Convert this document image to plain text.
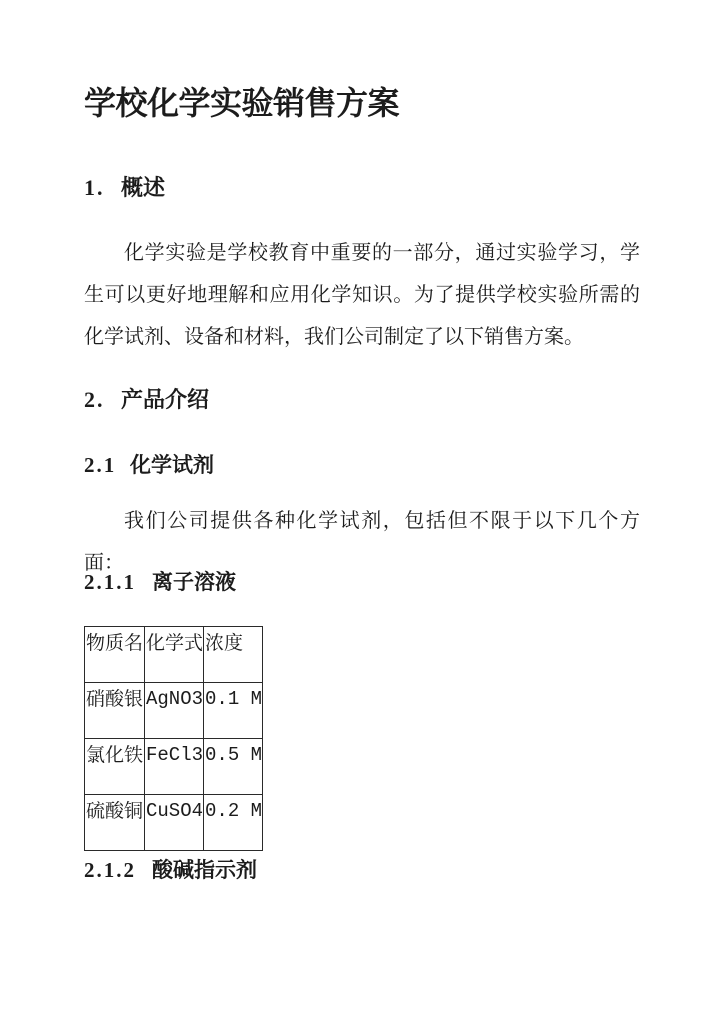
学校化学实验销售方案
1. 概述
化学实验是学校教育中重要的一部分，通过实验学习，学生可以更好地理解和应用化学知识。为了提供学校实验所需的化学试剂、设备和材料，我们公司制定了以下销售方案。
2. 产品介绍
2.1 化学试剂
我们公司提供各种化学试剂，包括但不限于以下几个方面：
2.1.1 离子溶液
物质名	化学式	浓度
硝酸银	AgNO3	0.1 M
氯化铁	FeCl3	0.5 M
硫酸铜	CuSO4	0.2 M
2.1.2 酸碱指示剂
